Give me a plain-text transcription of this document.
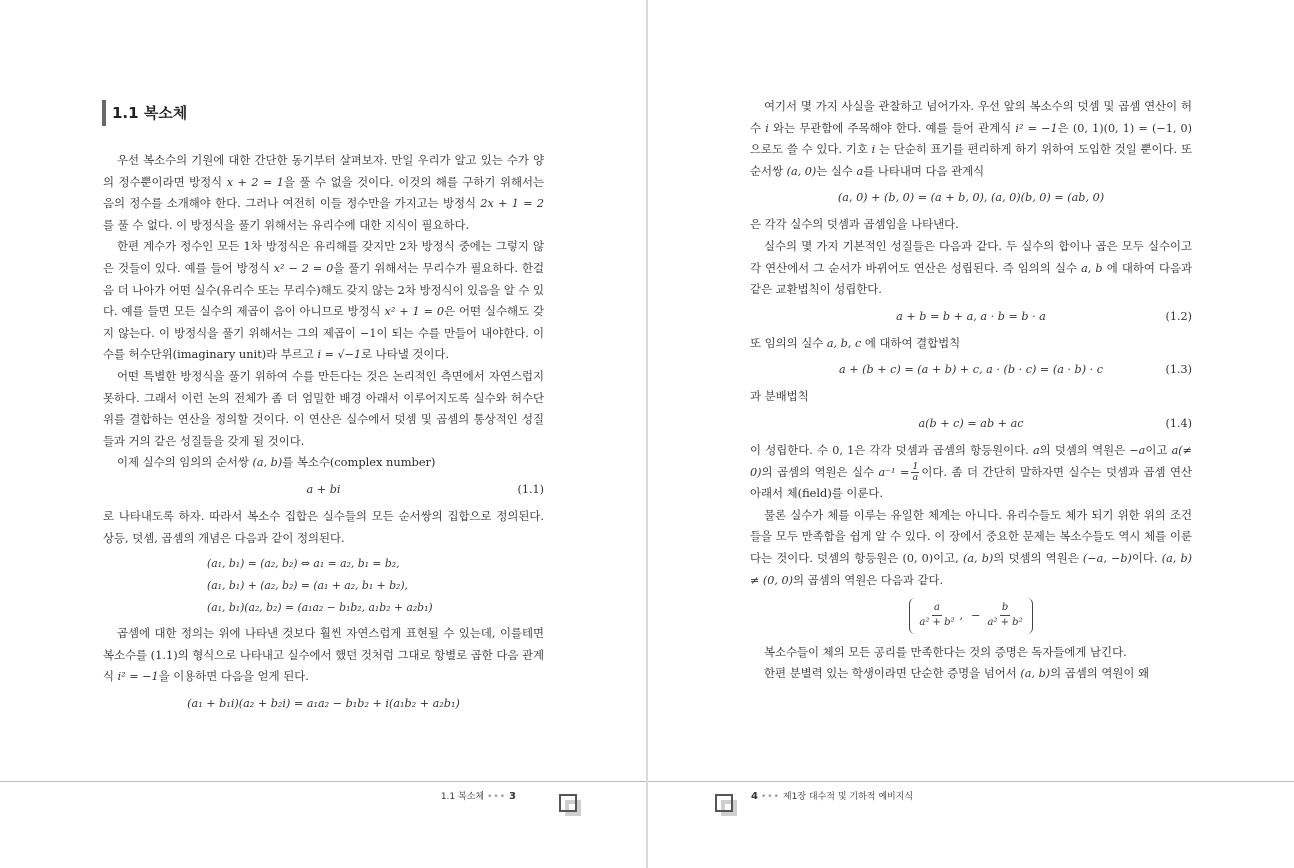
1.1 복소체

우선 복소수의 기원에 대한 간단한 동기부터 살펴보자. 만일 우리가 알고 있는 수가 양의 정수뿐이라면 방정식 x + 2 = 1을 풀 수 없을 것이다. 이것의 해를 구하기 위해서는 음의 정수를 소개해야 한다. 그러나 여전히 이들 정수만을 가지고는 방정식 2x + 1 = 2를 풀 수 없다. 이 방정식을 풀기 위해서는 유리수에 대한 지식이 필요하다.

한편 계수가 정수인 모든 1차 방정식은 유리해를 갖지만 2차 방정식 중에는 그렇지 않은 것들이 있다. 예를 들어 방정식 x² − 2 = 0을 풀기 위해서는 무리수가 필요하다. 한걸음 더 나아가 어떤 실수(유리수 또는 무리수)해도 갖지 않는 2차 방정식이 있음을 알 수 있다. 예를 들면 모든 실수의 제곱이 음이 아니므로 방정식 x² + 1 = 0은 어떤 실수해도 갖지 않는다. 이 방정식을 풀기 위해서는 그의 제곱이 −1이 되는 수를 만들어 내야한다. 이 수를 허수단위(imaginary unit)라 부르고 i = √−1로 나타낼 것이다.

어떤 특별한 방정식을 풀기 위하여 수를 만든다는 것은 논리적인 측면에서 자연스럽지 못하다. 그래서 이런 논의 전체가 좀 더 엄밀한 배경 아래서 이루어지도록 실수와 허수단위를 결합하는 연산을 정의할 것이다. 이 연산은 실수에서 덧셈 및 곱셈의 통상적인 성질들과 거의 같은 성질들을 갖게 될 것이다.

이제 실수의 임의의 순서쌍 (a, b)를 복소수(complex number)

a + bi	(1.1)

로 나타내도록 하자. 따라서 복소수 집합은 실수들의 모든 순서쌍의 집합으로 정의된다. 상등, 덧셈, 곱셈의 개념은 다음과 같이 정의된다.

(a₁, b₁) = (a₂, b₂) ⇔ a₁ = a₂, b₁ = b₂,
(a₁, b₁) + (a₂, b₂) = (a₁ + a₂, b₁ + b₂),
(a₁, b₁)(a₂, b₂) = (a₁a₂ − b₁b₂, a₁b₂ + a₂b₁)

곱셈에 대한 정의는 위에 나타낸 것보다 훨씬 자연스럽게 표현될 수 있는데, 이를테면 복소수를 (1.1)의 형식으로 나타내고 실수에서 했던 것처럼 그대로 항별로 곱한 다음 관계식 i² = −1을 이용하면 다음을 얻게 된다.

(a₁ + b₁i)(a₂ + b₂i) = a₁a₂ − b₁b₂ + i(a₁b₂ + a₂b₁)

여기서 몇 가지 사실을 관찰하고 넘어가자. 우선 앞의 복소수의 덧셈 및 곱셈 연산이 허수 i 와는 무관함에 주목해야 한다. 예를 들어 관계식 i² = −1은 (0, 1)(0, 1) = (−1, 0)으로도 쓸 수 있다. 기호 i 는 단순히 표기를 편리하게 하기 위하여 도입한 것일 뿐이다. 또 순서쌍 (a, 0)는 실수 a를 나타내며 다음 관계식

(a, 0) + (b, 0) = (a + b, 0), (a, 0)(b, 0) = (ab, 0)

은 각각 실수의 덧셈과 곱셈임을 나타낸다.

실수의 몇 가지 기본적인 성질들은 다음과 같다. 두 실수의 합이나 곱은 모두 실수이고 각 연산에서 그 순서가 바뀌어도 연산은 성립된다. 즉 임의의 실수 a, b 에 대하여 다음과 같은 교환법칙이 성립한다.

a + b = b + a, a · b = b · a	(1.2)

또 임의의 실수 a, b, c 에 대하여 결합법칙

a + (b + c) = (a + b) + c, a · (b · c) = (a · b) · c	(1.3)

과 분배법칙

a(b + c) = ab + ac	(1.4)

이 성립한다. 수 0, 1은 각각 덧셈과 곱셈의 항등원이다. a의 덧셈의 역원은 −a이고 a(≠ 0)의 곱셈의 역원은 실수 $a^{-1} = \frac{1}{a}$ 이다. 좀 더 간단히 말하자면 실수는 덧셈과 곱셈 연산 아래서 체(field)를 이룬다.

물론 실수가 체를 이루는 유일한 체계는 아니다. 유리수들도 체가 되기 위한 위의 조건들을 모두 만족함을 쉽게 알 수 있다. 이 장에서 중요한 문제는 복소수들도 역시 체를 이룬다는 것이다. 덧셈의 항등원은 (0, 0)이고, (a, b)의 덧셈의 역원은 (−a, −b)이다. (a, b) ≠ (0, 0)의 곱셈의 역원은 다음과 같다.

$\frac{a}{\text{a² + b²}}$ , − $\frac{b}{\text{a² + b²}}$

복소수들이 체의 모든 공리를 만족한다는 것의 증명은 독자들에게 남긴다.

한편 분별력 있는 학생이라면 단순한 증명을 넘어서 (a, b)의 곱셈의 역원이 왜

1.1 복소체 ••• 3	4 ••• 제1장 대수적 및 기하적 예비지식
